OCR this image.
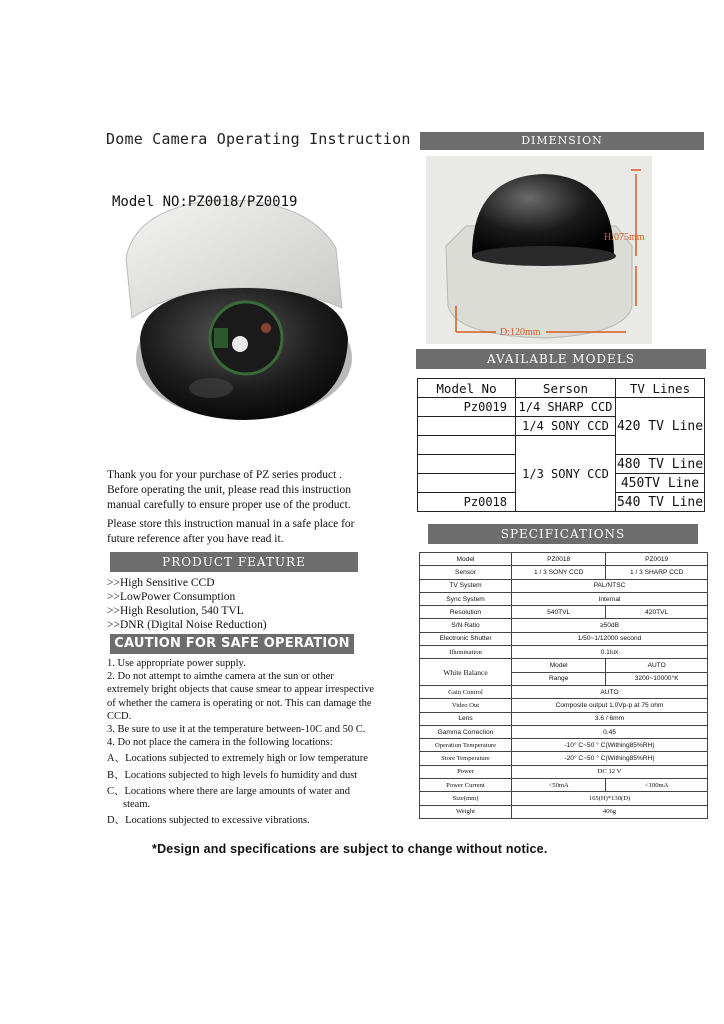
Dome Camera Operating Instruction
Model NO:PZ0018/PZ0019

Thank you for your purchase of PZ series product . Before operating the unit, please read this instruction manual carefully to ensure proper use of the product.

Please store this instruction manual in a safe place for future reference after you have read it.

PRODUCT FEATURE
>>High Sensitive CCD
>>LowPower Consumption
>>High Resolution, 540 TVL
>>DNR (Digital Noise Reduction)
CAUTION FOR SAFE OPERATION
1. Use appropriate power supply.
2. Do not attempt to aimthe camera at the sun or other extremely bright objects that cause smear to appear irrespective of whether the camera is operating or not. This can damage the CCD.
3. Be sure to use it at the temperature between-10C and 50 C.
4. Do not place the camera in the following locations:
A、Locations subjected to extremely high or low temperature
B、Locations subjected to high levels fo humidity and dust
C、Locations where there are large amounts of water and
steam.
D、Locations subjected to excessive vibrations.
DIMENSION
H:075mm
D:120mm
AVAILABLE MODELS
Model No	Serson	TV Lines
Pz0019	1/4 SHARP CCD	420 TV Line
	1/4 SONY CCD	
	1/3 SONY CCD	
		480 TV Line
		450TV Line
Pz0018		540 TV Line
SPECIFICATIONS
Model	PZ0018	PZ0019
Sensor	1 / 3 SONY CCD	1 / 3 SHARP CCD
TV System	PAL/NTSC	
Sync System	Internal	
Resolution	540TVL	420TVL
S/N Ratio	≥50dB	
Electronic Shutter	1/50~1/12000 second	
Illumination	0.1lux	
White Balance	Model	AUTO
	Range	3200~10000°K
Gain Control	AUTO	
Video Out	Composite output 1.0Vp-p at 75 ohm	
Lens	3.6 / 6mm	
Gamma Correction	0.45	
Operation Temperature	-10° C~50 ° C(Withing85%RH)	
Store Temperature	-20° C~50 ° C(Withing85%RH)	
Power	DC 12 V	
Power Current	<50mA	<100mA
Size(mm)	165(H)*130(D)	
Weight	406g	
*Design and specifications are subject to change without notice.
